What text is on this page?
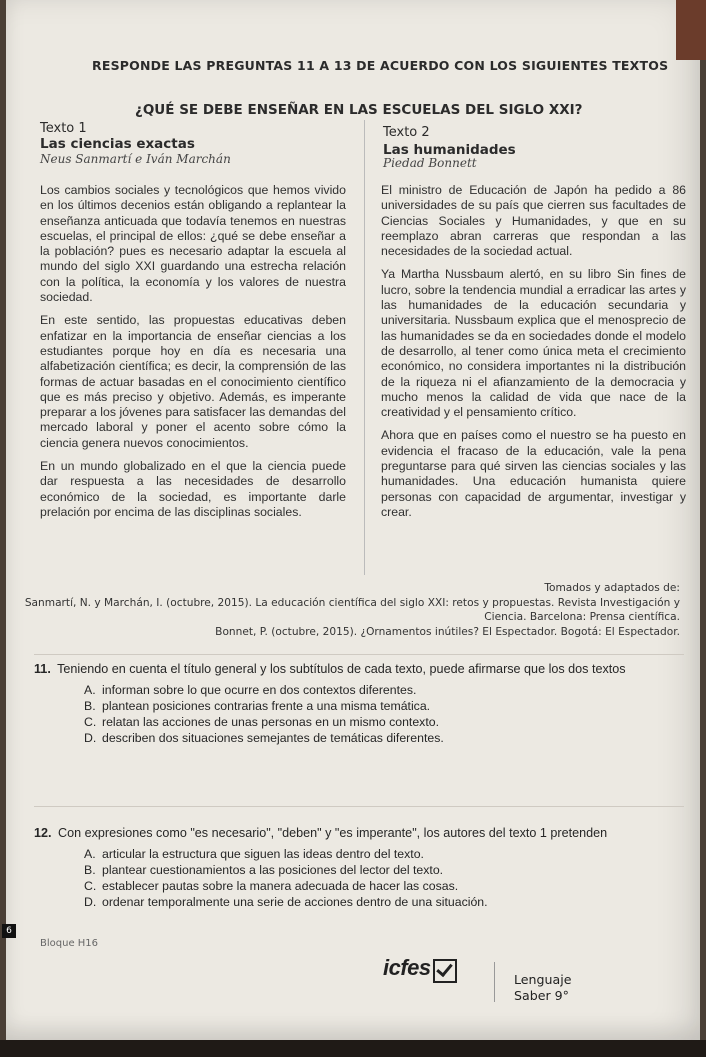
RESPONDE LAS PREGUNTAS 11 A 13 DE ACUERDO CON LOS SIGUIENTES TEXTOS
¿QUÉ SE DEBE ENSEÑAR EN LAS ESCUELAS DEL SIGLO XXI?
Texto 1
Las ciencias exactas
Neus Sanmartí e Iván Marchán
Texto 2
Las humanidades
Piedad Bonnett

Los cambios sociales y tecnológicos que hemos vivido en los últimos decenios están obligando a replantear la enseñanza anticuada que todavía tenemos en nuestras escuelas, el principal de ellos: ¿qué se debe enseñar a la población? pues es necesario adaptar la escuela al mundo del siglo XXI guardando una estrecha relación con la política, la economía y los valores de nuestra sociedad.

En este sentido, las propuestas educativas deben enfatizar en la importancia de enseñar ciencias a los estudiantes porque hoy en día es necesaria una alfabetización científica; es decir, la comprensión de las formas de actuar basadas en el conocimiento científico que es más preciso y objetivo. Además, es imperante preparar a los jóvenes para satisfacer las demandas del mercado laboral y poner el acento sobre cómo la ciencia genera nuevos conocimientos.

En un mundo globalizado en el que la ciencia puede dar respuesta a las necesidades de desarrollo económico de la sociedad, es importante darle prelación por encima de las disciplinas sociales.

El ministro de Educación de Japón ha pedido a 86 universidades de su país que cierren sus facultades de Ciencias Sociales y Humanidades, y que en su reemplazo abran carreras que respondan a las necesidades de la sociedad actual.

Ya Martha Nussbaum alertó, en su libro Sin fines de lucro, sobre la tendencia mundial a erradicar las artes y las humanidades de la educación secundaria y universitaria. Nussbaum explica que el menosprecio de las humanidades se da en sociedades donde el modelo de desarrollo, al tener como única meta el crecimiento económico, no considera importantes ni la distribución de la riqueza ni el afianzamiento de la democracia y mucho menos la calidad de vida que nace de la creatividad y el pensamiento crítico.

Ahora que en países como el nuestro se ha puesto en evidencia el fracaso de la educación, vale la pena preguntarse para qué sirven las ciencias sociales y las humanidades. Una educación humanista quiere personas con capacidad de argumentar, investigar y crear.

Tomados y adaptados de:
Sanmartí, N. y Marchán, I. (octubre, 2015). La educación científica del siglo XXI: retos y propuestas. Revista Investigación y
Ciencia. Barcelona: Prensa científica.
Bonnet, P. (octubre, 2015). ¿Ornamentos inútiles? El Espectador. Bogotá: El Espectador.
11. Teniendo en cuenta el título general y los subtítulos de cada texto, puede afirmarse que los dos textos
A. informan sobre lo que ocurre en dos contextos diferentes.
B. plantean posiciones contrarias frente a una misma temática.
C. relatan las acciones de unas personas en un mismo contexto.
D. describen dos situaciones semejantes de temáticas diferentes.
12. Con expresiones como "es necesario", "deben" y "es imperante", los autores del texto 1 pretenden
A. articular la estructura que siguen las ideas dentro del texto.
B. plantear cuestionamientos a las posiciones del lector del texto.
C. establecer pautas sobre la manera adecuada de hacer las cosas.
D. ordenar temporalmente una serie de acciones dentro de una situación.
6
Bloque H16
icfes	Lenguaje
Saber 9°
